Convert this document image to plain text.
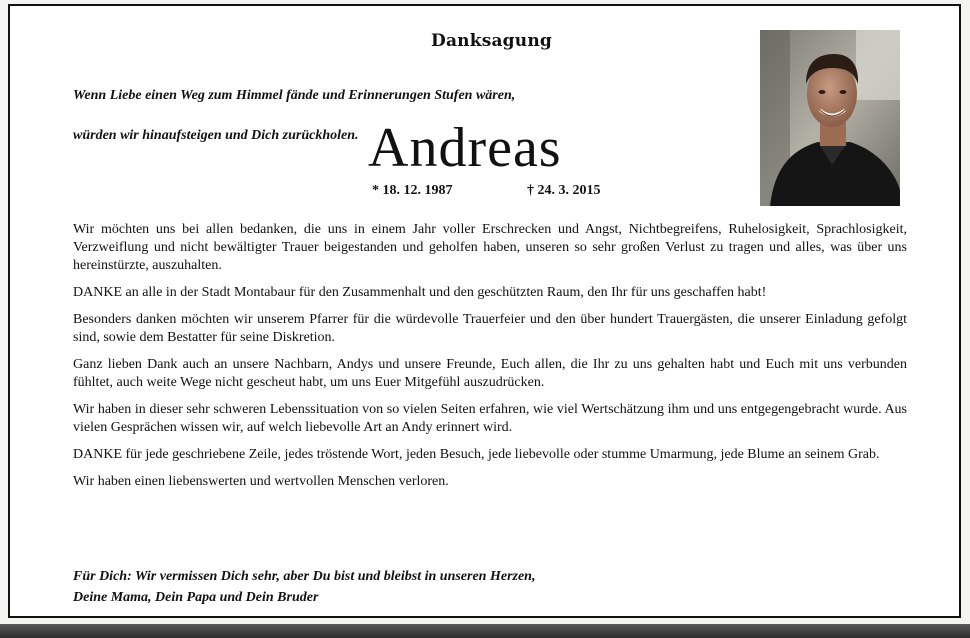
Danksagung

Wenn Liebe einen Weg zum Himmel fände und Erinnerungen Stufen wären,

würden wir hinaufsteigen und Dich zurückholen. Andreas
* 18. 12. 1987	† 24. 3. 2015

Wir möchten uns bei allen bedanken, die uns in einem Jahr voller Erschrecken und Angst, Nichtbegreifens, Ruhelosigkeit, Sprachlosigkeit, Verzweiflung und nicht bewältigter Trauer beigestanden und geholfen haben, unseren so sehr großen Verlust zu tragen und alles, was über uns hereinstürzte, auszuhalten.

DANKE an alle in der Stadt Montabaur für den Zusammenhalt und den geschützten Raum, den Ihr für uns geschaffen habt!

Besonders danken möchten wir unserem Pfarrer für die würdevolle Trauerfeier und den über hundert Trauergästen, die unserer Einladung gefolgt sind, sowie dem Bestatter für seine Diskretion.

Ganz lieben Dank auch an unsere Nachbarn, Andys und unsere Freunde, Euch allen, die Ihr zu uns gehalten habt und Euch mit uns verbunden fühltet, auch weite Wege nicht gescheut habt, um uns Euer Mitgefühl auszudrücken.

Wir haben in dieser sehr schweren Lebenssituation von so vielen Seiten erfahren, wie viel Wertschätzung ihm und uns entgegengebracht wurde. Aus vielen Gesprächen wissen wir, auf welch liebevolle Art an Andy erinnert wird.

DANKE für jede geschriebene Zeile, jedes tröstende Wort, jeden Besuch, jede liebevolle oder stumme Umarmung, jede Blume an seinem Grab.

Wir haben einen liebenswerten und wertvollen Menschen verloren.

Für Dich: Wir vermissen Dich sehr, aber Du bist und bleibst in unseren Herzen,
Deine Mama, Dein Papa und Dein Bruder
